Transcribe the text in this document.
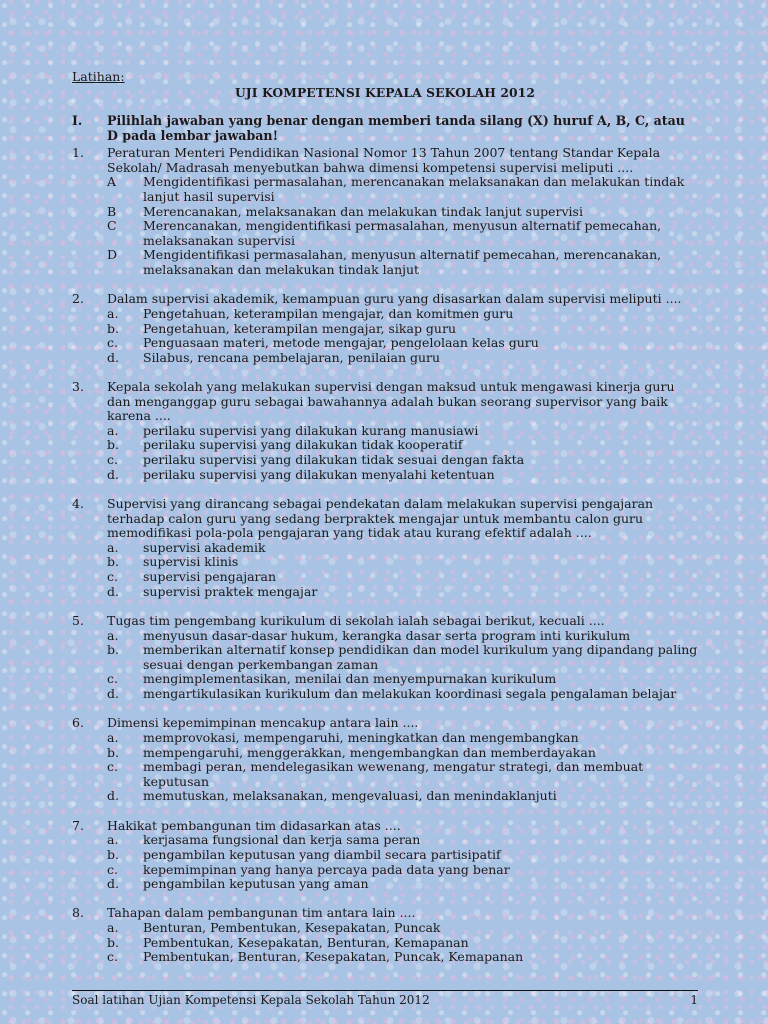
Latihan:
UJI KOMPETENSI KEPALA SEKOLAH 2012
I.	Pilihlah jawaban yang benar dengan memberi tanda silang (X) huruf A, B, C, atau D pada lembar jawaban!
1.	Peraturan Menteri Pendidikan Nasional Nomor 13 Tahun 2007 tentang Standar Kepala Sekolah/ Madrasah menyebutkan bahwa dimensi kompetensi supervisi meliputi ....
A	Mengidentifikasi permasalahan, merencanakan melaksanakan dan melakukan tindak lanjut hasil supervisi
B	Merencanakan, melaksanakan dan melakukan tindak lanjut supervisi
C	Merencanakan, mengidentifikasi permasalahan, menyusun alternatif pemecahan, melaksanakan supervisi
D	Mengidentifikasi permasalahan, menyusun alternatif pemecahan, merencanakan, melaksanakan dan melakukan tindak lanjut
2.	Dalam supervisi akademik, kemampuan guru yang disasarkan dalam supervisi meliputi ....
a.	Pengetahuan, keterampilan mengajar, dan komitmen guru
b.	Pengetahuan, keterampilan mengajar, sikap guru
c.	Penguasaan materi, metode mengajar, pengelolaan kelas guru
d.	Silabus, rencana pembelajaran, penilaian guru
3.	Kepala sekolah yang melakukan supervisi dengan maksud untuk mengawasi kinerja guru dan menganggap guru sebagai bawahannya adalah bukan seorang supervisor yang baik karena ....
a.	perilaku supervisi yang dilakukan kurang manusiawi
b.	perilaku supervisi yang dilakukan tidak kooperatif
c.	perilaku supervisi yang dilakukan tidak sesuai dengan fakta
d.	perilaku supervisi yang dilakukan menyalahi ketentuan
4.	Supervisi yang dirancang sebagai pendekatan dalam melakukan supervisi pengajaran terhadap calon guru yang sedang berpraktek mengajar untuk membantu calon guru memodifikasi pola-pola pengajaran yang tidak atau kurang efektif adalah ....
a.	supervisi akademik
b.	supervisi klinis
c.	supervisi pengajaran
d.	supervisi praktek mengajar
5.	Tugas tim pengembang kurikulum di sekolah ialah sebagai berikut, kecuali ....
a.	menyusun dasar-dasar hukum, kerangka dasar serta program inti kurikulum
b.	memberikan alternatif konsep pendidikan dan model kurikulum yang dipandang paling sesuai dengan perkembangan zaman
c.	mengimplementasikan, menilai dan menyempurnakan kurikulum
d.	mengartikulasikan kurikulum dan melakukan koordinasi segala pengalaman belajar
6.	Dimensi kepemimpinan mencakup antara lain ....
a.	memprovokasi, mempengaruhi, meningkatkan dan mengembangkan
b.	mempengaruhi, menggerakkan, mengembangkan dan memberdayakan
c.	membagi peran, mendelegasikan wewenang, mengatur strategi, dan membuat keputusan
d.	memutuskan, melaksanakan, mengevaluasi, dan menindaklanjuti
7.	Hakikat pembangunan tim didasarkan atas ....
a.	kerjasama fungsional dan kerja sama peran
b.	pengambilan keputusan yang diambil secara partisipatif
c.	kepemimpinan yang hanya percaya pada data yang benar
d.	pengambilan keputusan yang aman
8.	Tahapan dalam pembangunan tim antara lain ....
a.	Benturan, Pembentukan, Kesepakatan, Puncak
b.	Pembentukan, Kesepakatan, Benturan, Kemapanan
c.	Pembentukan, Benturan, Kesepakatan, Puncak, Kemapanan
Soal latihan Ujian Kompetensi Kepala Sekolah Tahun 2012	1
